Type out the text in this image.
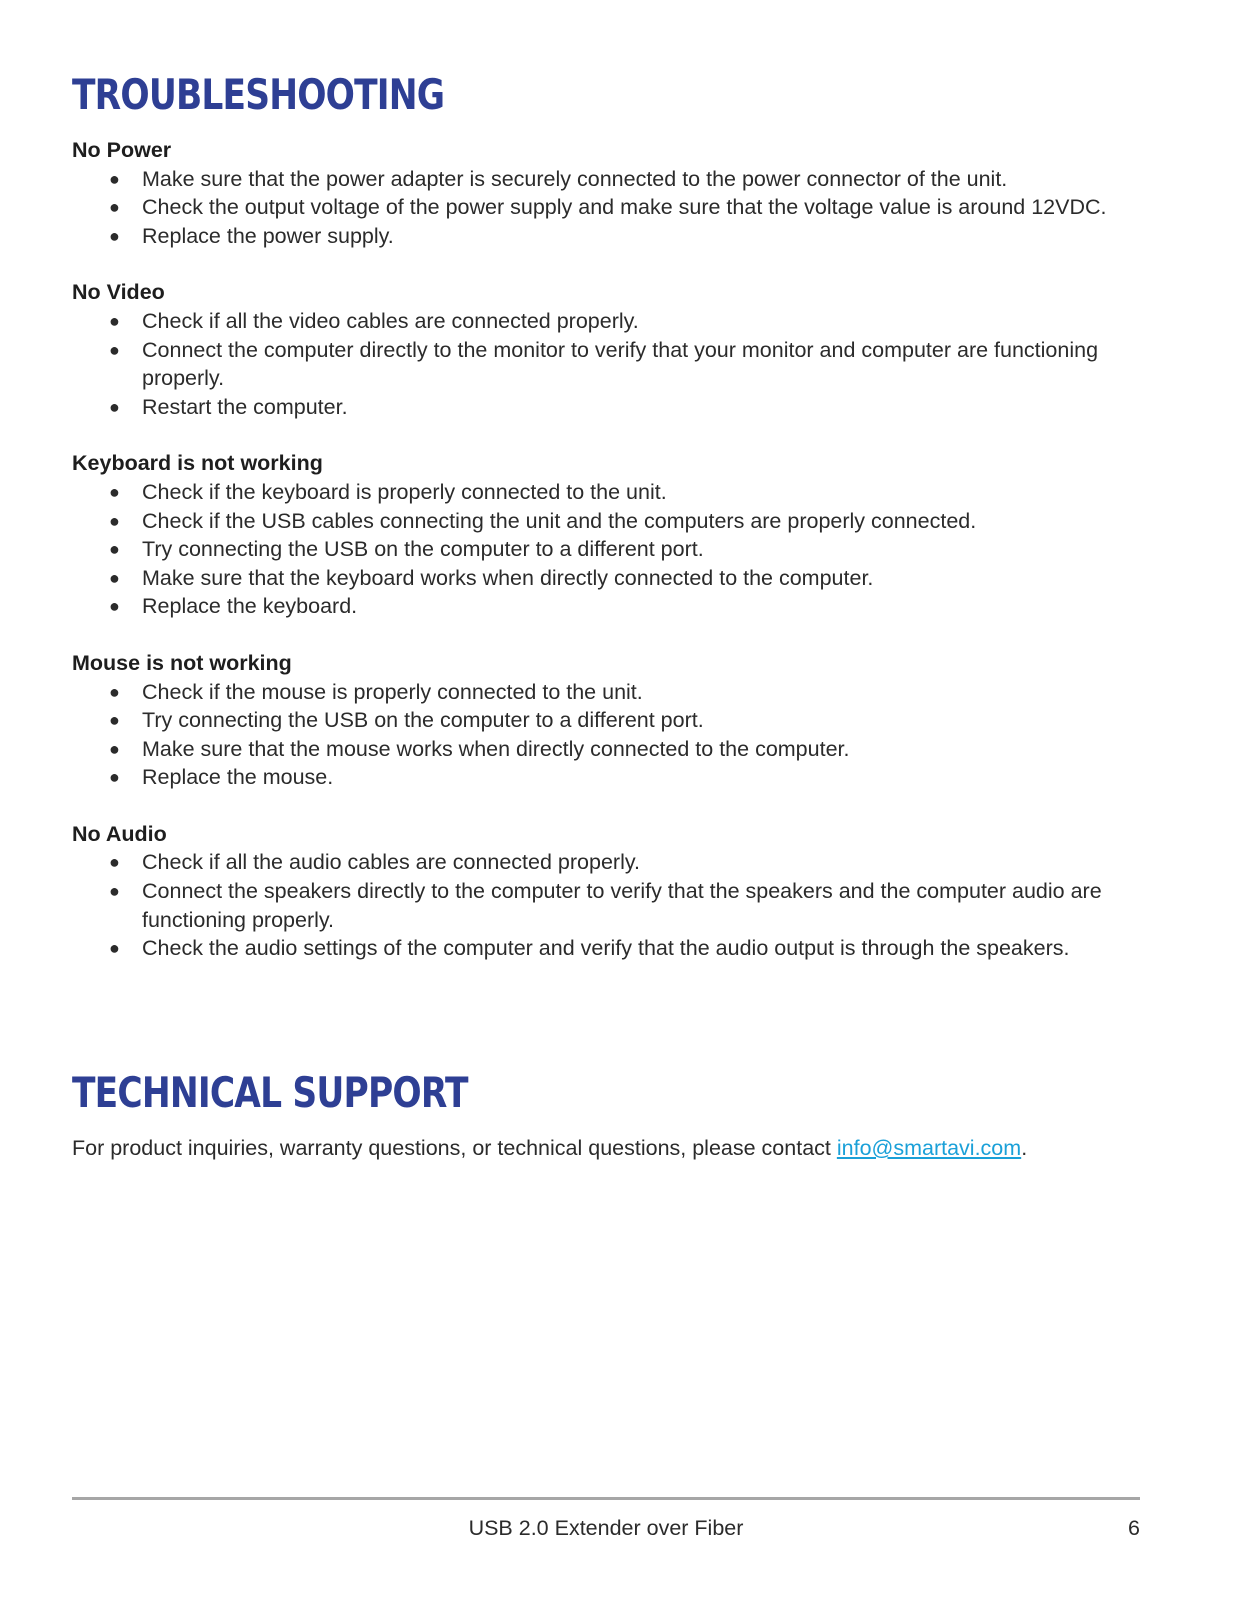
TROUBLESHOOTING

No Power

● Make sure that the power adapter is securely connected to the power connector of the unit.
● Check the output voltage of the power supply and make sure that the voltage value is around 12VDC.
● Replace the power supply.

No Video

● Check if all the video cables are connected properly.
● Connect the computer directly to the monitor to verify that your monitor and computer are functioning properly.
● Restart the computer.

Keyboard is not working

● Check if the keyboard is properly connected to the unit.
● Check if the USB cables connecting the unit and the computers are properly connected.
● Try connecting the USB on the computer to a different port.
● Make sure that the keyboard works when directly connected to the computer.
● Replace the keyboard.

Mouse is not working

● Check if the mouse is properly connected to the unit.
● Try connecting the USB on the computer to a different port.
● Make sure that the mouse works when directly connected to the computer.
● Replace the mouse.

No Audio

● Check if all the audio cables are connected properly.
● Connect the speakers directly to the computer to verify that the speakers and the computer audio are functioning properly.
● Check the audio settings of the computer and verify that the audio output is through the speakers.
TECHNICAL SUPPORT
For product inquiries, warranty questions, or technical questions, please contact info@smartavi.com.
USB 2.0 Extender over Fiber	6
